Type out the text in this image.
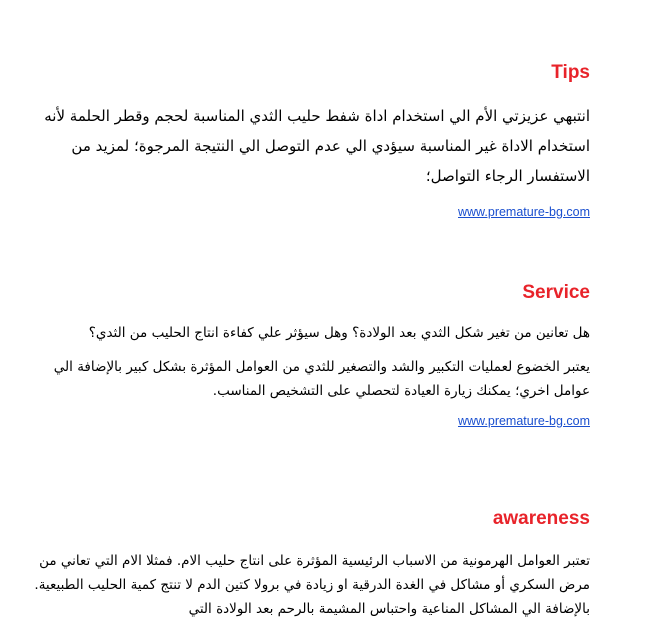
Tips

انتبهي عزيزتي الأم الي استخدام اداة شفط حليب الثدي المناسبة لحجم وقطر الحلمة لأنه استخدام الاداة غير المناسبة سيؤدي الي عدم التوصل الي النتيجة المرجوة؛ لمزيد من الاستفسار الرجاء التواصل؛

www.premature-bg.com
Service

هل تعانين من تغير شكل الثدي بعد الولادة؟ وهل سيؤثر علي كفاءة انتاج الحليب من الثدي؟

يعتبر الخضوع لعمليات التكبير والشد والتصغير للثدي من العوامل المؤثرة بشكل كبير بالإضافة الي عوامل اخري؛ يمكنك زيارة العيادة لتحصلي على التشخيص المناسب.

www.premature-bg.com
awareness

تعتبر العوامل الهرمونية من الاسباب الرئيسية المؤثرة على انتاج حليب الام. فمثلا الام التي تعاني من مرض السكري أو مشاكل في الغدة الدرقية او زيادة في برولا كتين الدم لا تنتج كمية الحليب الطبيعية. بالإضافة الي المشاكل المناعية واحتباس المشيمة بالرحم بعد الولادة التي
